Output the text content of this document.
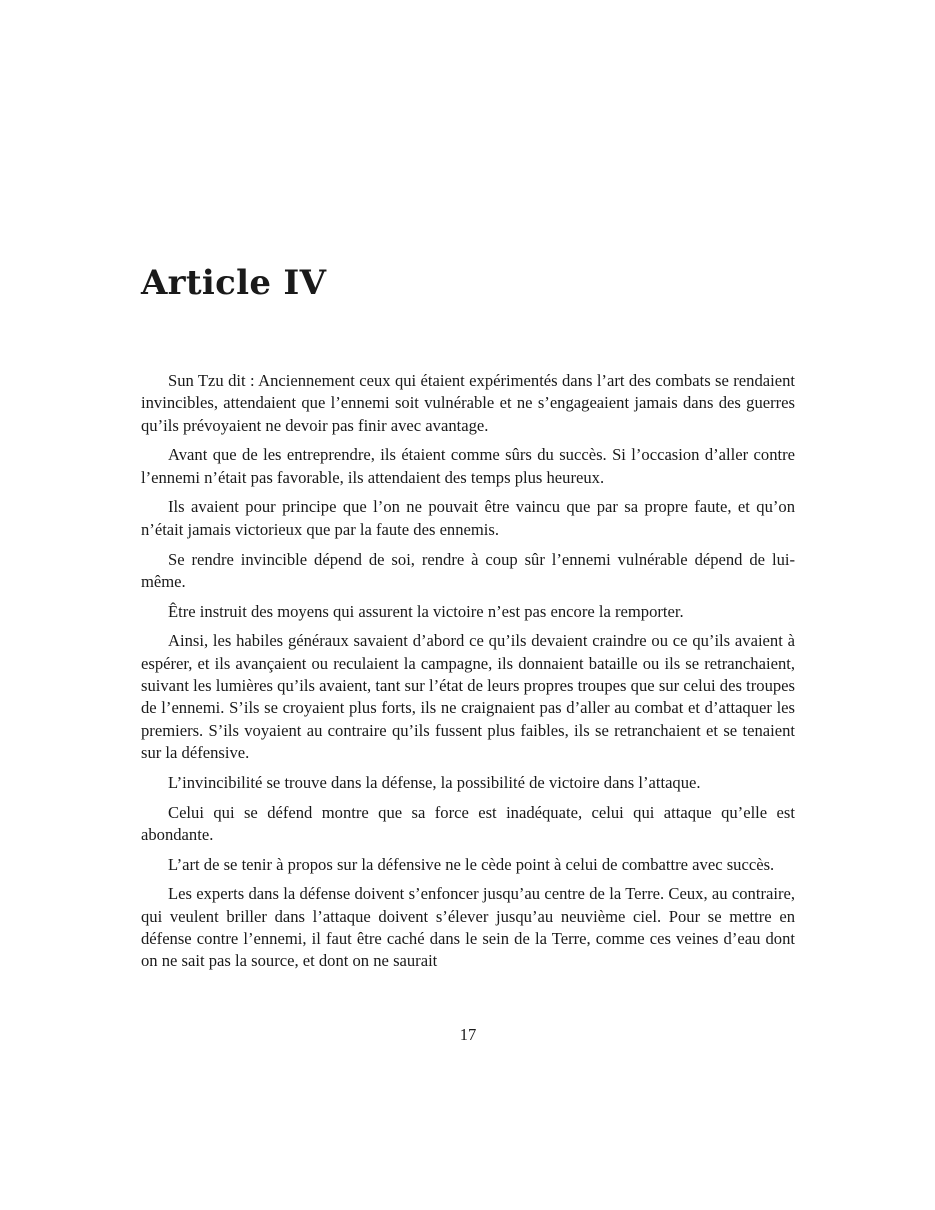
Article IV

Sun Tzu dit : Anciennement ceux qui étaient expérimentés dans l’art des combats se rendaient invincibles, attendaient que l’ennemi soit vulnérable et ne s’engageaient jamais dans des guerres qu’ils prévoyaient ne devoir pas finir avec avantage.

Avant que de les entreprendre, ils étaient comme sûrs du succès. Si l’occasion d’aller contre l’ennemi n’était pas favorable, ils attendaient des temps plus heureux.

Ils avaient pour principe que l’on ne pouvait être vaincu que par sa propre faute, et qu’on n’était jamais victorieux que par la faute des ennemis.

Se rendre invincible dépend de soi, rendre à coup sûr l’ennemi vulnérable dépend de lui-même.

Être instruit des moyens qui assurent la victoire n’est pas encore la remporter.

Ainsi, les habiles généraux savaient d’abord ce qu’ils devaient craindre ou ce qu’ils avaient à espérer, et ils avançaient ou reculaient la campagne, ils donnaient bataille ou ils se retranchaient, suivant les lumières qu’ils avaient, tant sur l’état de leurs propres troupes que sur celui des troupes de l’ennemi. S’ils se croyaient plus forts, ils ne craignaient pas d’aller au combat et d’attaquer les premiers. S’ils voyaient au contraire qu’ils fussent plus faibles, ils se retranchaient et se tenaient sur la défensive.

L’invincibilité se trouve dans la défense, la possibilité de victoire dans l’attaque.

Celui qui se défend montre que sa force est inadéquate, celui qui attaque qu’elle est abondante.

L’art de se tenir à propos sur la défensive ne le cède point à celui de combattre avec succès.

Les experts dans la défense doivent s’enfoncer jusqu’au centre de la Terre. Ceux, au contraire, qui veulent briller dans l’attaque doivent s’élever jusqu’au neuvième ciel. Pour se mettre en défense contre l’ennemi, il faut être caché dans le sein de la Terre, comme ces veines d’eau dont on ne sait pas la source, et dont on ne saurait

17
